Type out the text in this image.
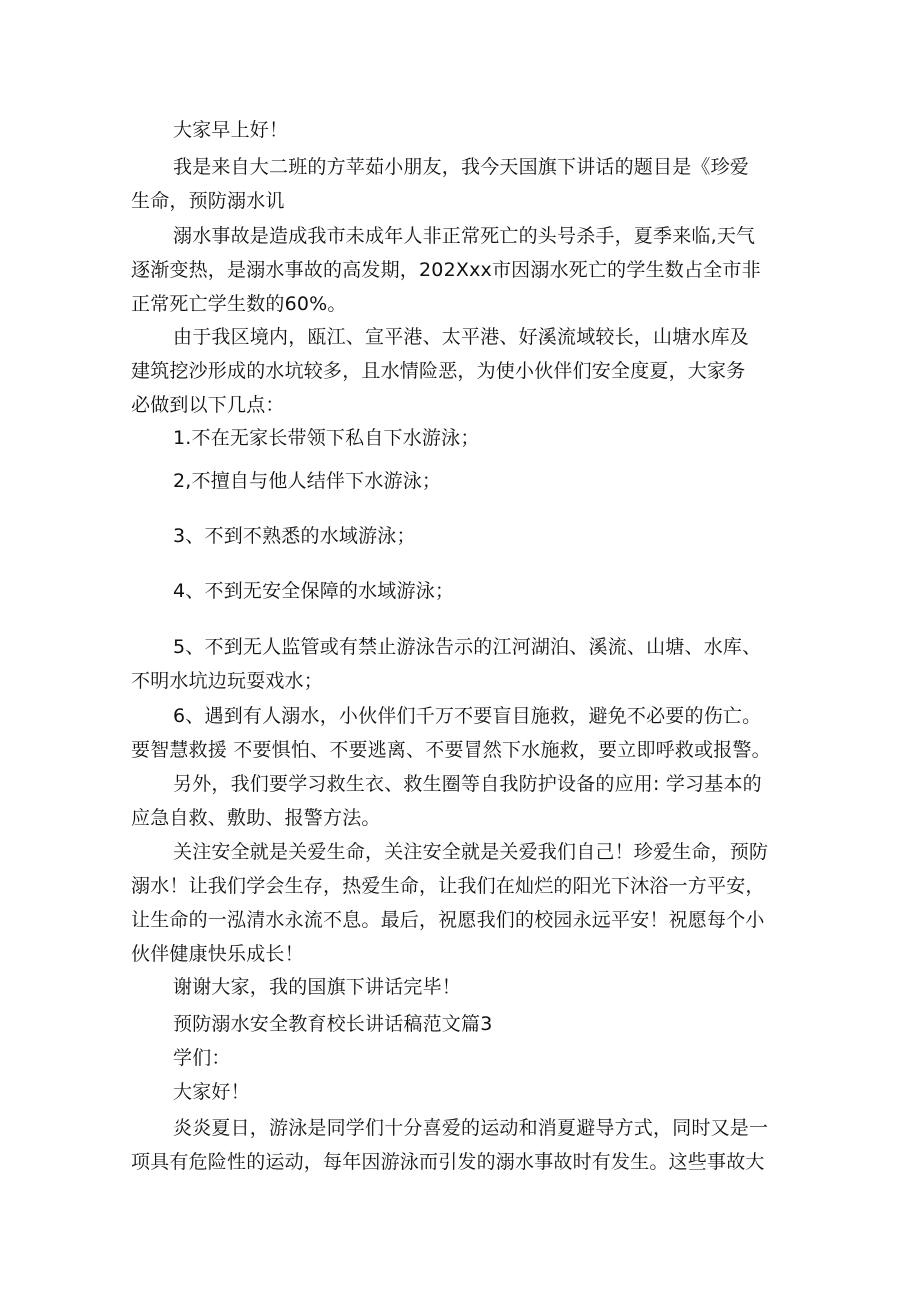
大家早上好！
我是来自大二班的方苹茹小朋友，我今天国旗下讲话的题目是《珍爱
生命，预防溺水讥
溺水事故是造成我市未成年人非正常死亡的头号杀手，夏季来临,天气
逐渐变热，是溺水事故的高发期，202Xxx市因溺水死亡的学生数占全市非
正常死亡学生数的60%。
由于我区境内，瓯江、宣平港、太平港、好溪流域较长，山塘水库及
建筑挖沙形成的水坑较多，且水情险恶，为使小伙伴们安全度夏，大家务
必做到以下几点：
1.不在无家长带领下私自下水游泳；
2,不擅自与他人结伴下水游泳；
3、不到不熟悉的水域游泳；
4、不到无安全保障的水域游泳；
5、不到无人监管或有禁止游泳告示的江河湖泊、溪流、山塘、水库、
不明水坑边玩耍戏水；
6、遇到有人溺水，小伙伴们千万不要盲目施救，避免不必要的伤亡。
要智慧救援 不要惧怕、不要逃离、不要冒然下水施救，要立即呼救或报警。
另外，我们要学习救生衣、救生圈等自我防护设备的应用: 学习基本的
应急自救、敷助、报警方法。
关注安全就是关爱生命，关注安全就是关爱我们自己！珍爱生命，预防
溺水！让我们学会生存，热爱生命，让我们在灿烂的阳光下沐浴一方平安，
让生命的一泓清水永流不息。最后，祝愿我们的校园永远平安！祝愿每个小
伙伴健康快乐成长！
谢谢大家，我的国旗下讲话完毕！
预防溺水安全教育校长讲话稿范文篇3
学们：
大家好！
炎炎夏日，游泳是同学们十分喜爱的运动和消夏避导方式，同时又是一
项具有危险性的运动，每年因游泳而引发的溺水事故时有发生。这些事故大
